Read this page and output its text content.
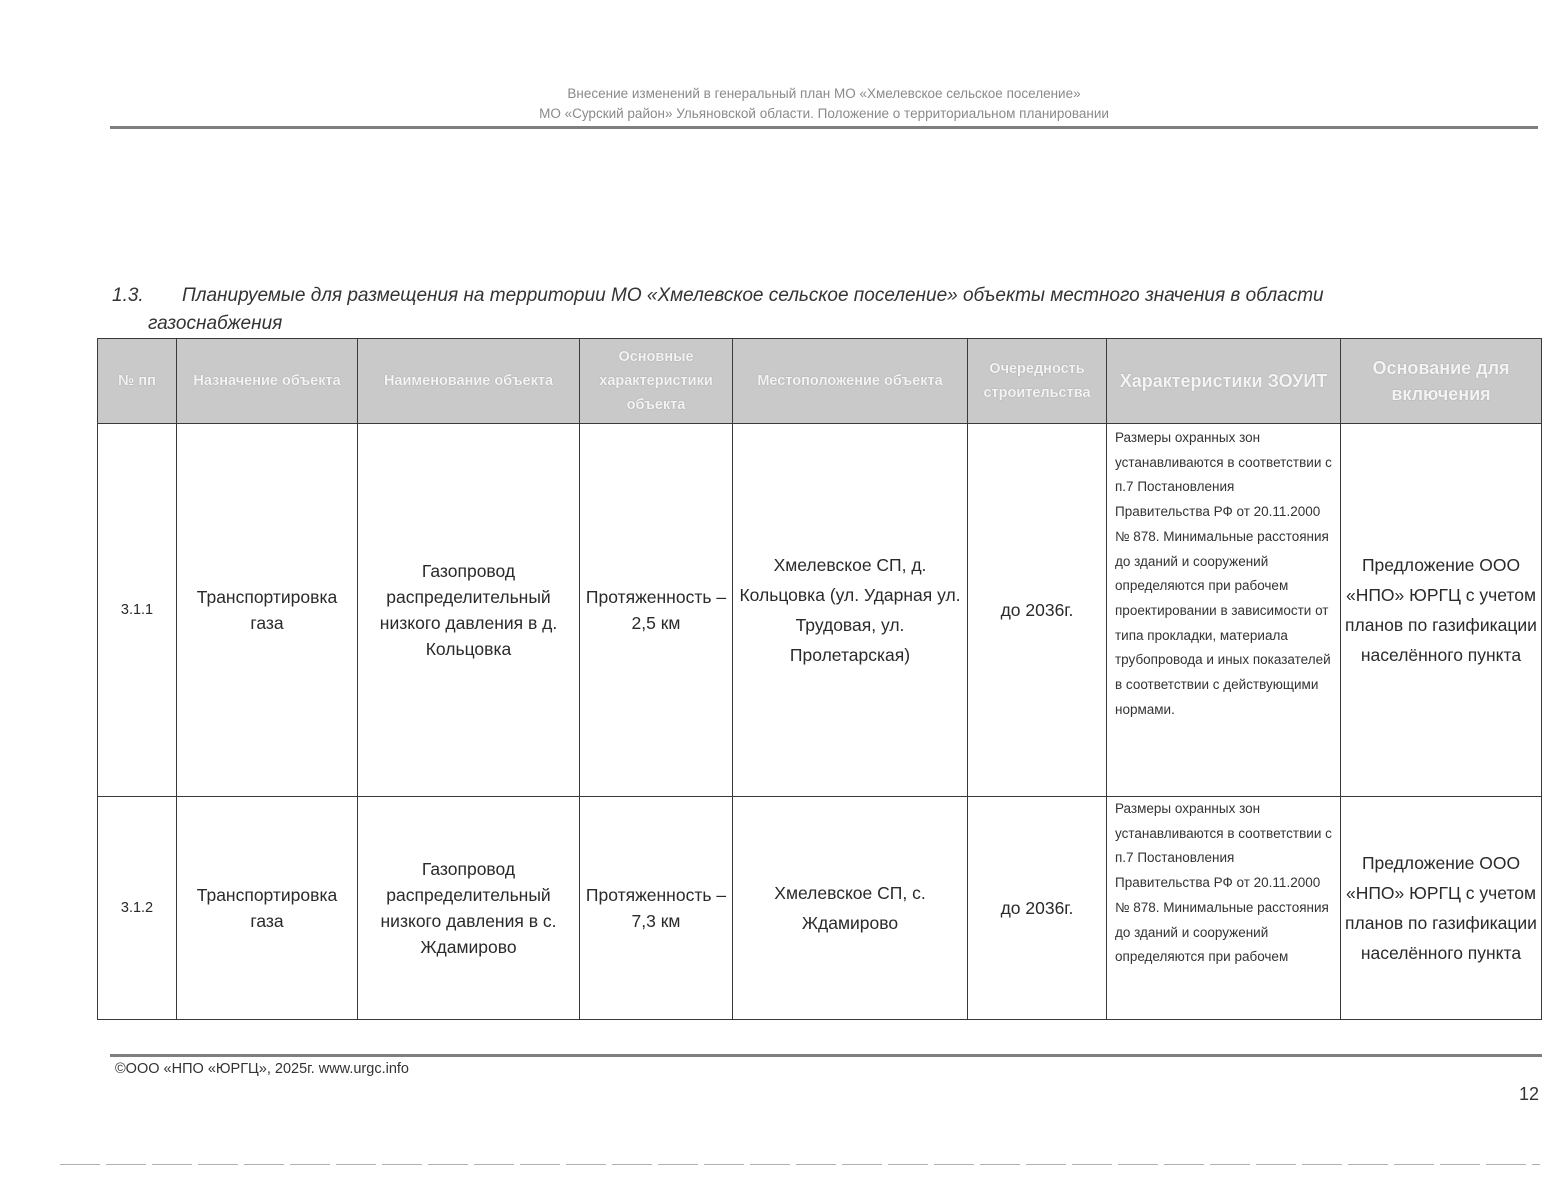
Внесение изменений в генеральный план МО «Хмелевское сельское поселение»
МО «Сурский район» Ульяновской области. Положение о территориальном планировании
1.3. Планируемые для размещения на территории МО «Хмелевское сельское поселение» объекты местного значения в области
газоснабжения
№ пп	Назначение объекта	Наименование объекта	Основные характеристики объекта	Местоположение объекта	Очередность строительства	Характеристики ЗОУИТ	Основание для включения
3.1.1	Транспортировка газа	Газопровод распределительный низкого давления в д. Кольцовка	Протяженность – 2,5 км	Хмелевское СП, д. Кольцовка (ул. Ударная ул. Трудовая, ул. Пролетарская)	до 2036г.	Размеры охранных зон устанавливаются в соответствии с п.7 Постановления Правительства РФ от 20.11.2000 № 878. Минимальные расстояния до зданий и сооружений определяются при рабочем проектировании в зависимости от типа прокладки, материала трубопровода и иных показателей в соответствии с действующими нормами.	Предложение ООО «НПО» ЮРГЦ с учетом планов по газификации населённого пункта
3.1.2	Транспортировка газа	Газопровод распределительный низкого давления в с. Ждамирово	Протяженность – 7,3 км	Хмелевское СП, с. Ждамирово	до 2036г.	Размеры охранных зон устанавливаются в соответствии с п.7 Постановления Правительства РФ от 20.11.2000 № 878. Минимальные расстояния до зданий и сооружений определяются при рабочем	Предложение ООО «НПО» ЮРГЦ с учетом планов по газификации населённого пункта
©ООО «НПО «ЮРГЦ», 2025г. www.urgc.info
12
